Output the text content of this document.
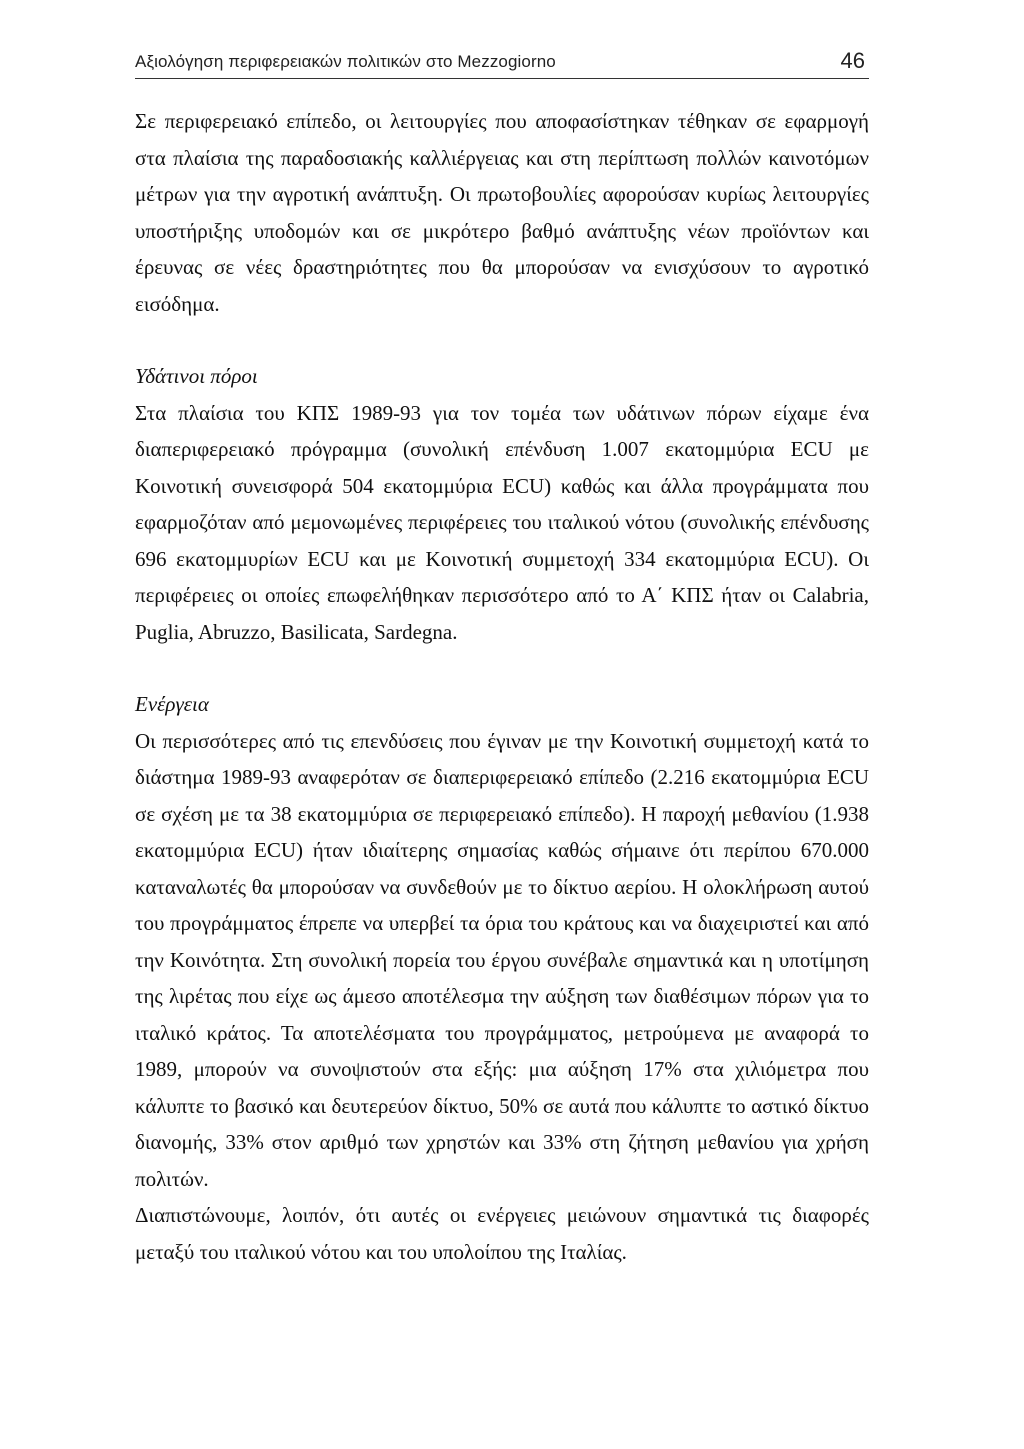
Αξιολόγηση περιφερειακών πολιτικών στο Mezzogiorno	46

Σε περιφερειακό επίπεδο, οι λειτουργίες που αποφασίστηκαν τέθηκαν σε εφαρμογή στα πλαίσια της παραδοσιακής καλλιέργειας και στη περίπτωση πολλών καινοτόμων μέτρων για την αγροτική ανάπτυξη. Οι πρωτοβουλίες αφορούσαν κυρίως λειτουργίες υποστήριξης υποδομών και σε μικρότερο βαθμό ανάπτυξης νέων προϊόντων και έρευνας σε νέες δραστηριότητες που θα μπορούσαν να ενισχύσουν το αγροτικό εισόδημα.

Υδάτινοι πόροι

Στα πλαίσια του ΚΠΣ 1989-93 για τον τομέα των υδάτινων πόρων είχαμε ένα διαπεριφερειακό πρόγραμμα (συνολική επένδυση 1.007 εκατομμύρια ECU με Κοινοτική συνεισφορά 504 εκατομμύρια ECU) καθώς και άλλα προγράμματα που εφαρμοζόταν από μεμονωμένες περιφέρειες του ιταλικού νότου (συνολικής επένδυσης 696 εκατομμυρίων ECU και με Κοινοτική συμμετοχή 334 εκατομμύρια ECU). Οι περιφέρειες οι οποίες επωφελήθηκαν περισσότερο από το Α΄ ΚΠΣ ήταν οι Calabria, Puglia, Abruzzo, Basilicata, Sardegna.

Ενέργεια

Οι περισσότερες από τις επενδύσεις που έγιναν με την Κοινοτική συμμετοχή κατά το διάστημα 1989-93 αναφερόταν σε διαπεριφερειακό επίπεδο (2.216 εκατομμύρια ECU σε σχέση με τα 38 εκατομμύρια σε περιφερειακό επίπεδο). Η παροχή μεθανίου (1.938 εκατομμύρια ECU) ήταν ιδιαίτερης σημασίας καθώς σήμαινε ότι περίπου 670.000 καταναλωτές θα μπορούσαν να συνδεθούν με το δίκτυο αερίου. Η ολοκλήρωση αυτού του προγράμματος έπρεπε να υπερβεί τα όρια του κράτους και να διαχειριστεί και από την Κοινότητα. Στη συνολική πορεία του έργου συνέβαλε σημαντικά και η υποτίμηση της λιρέτας που είχε ως άμεσο αποτέλεσμα την αύξηση των διαθέσιμων πόρων για το ιταλικό κράτος. Τα αποτελέσματα του προγράμματος, μετρούμενα με αναφορά το 1989, μπορούν να συνοψιστούν στα εξής: μια αύξηση 17% στα χιλιόμετρα που κάλυπτε το βασικό και δευτερεύον δίκτυο, 50% σε αυτά που κάλυπτε το αστικό δίκτυο διανομής, 33% στον αριθμό των χρηστών και 33% στη ζήτηση μεθανίου για χρήση πολιτών.

Διαπιστώνουμε, λοιπόν, ότι αυτές οι ενέργειες μειώνουν σημαντικά τις διαφορές μεταξύ του ιταλικού νότου και του υπολοίπου της Ιταλίας.
